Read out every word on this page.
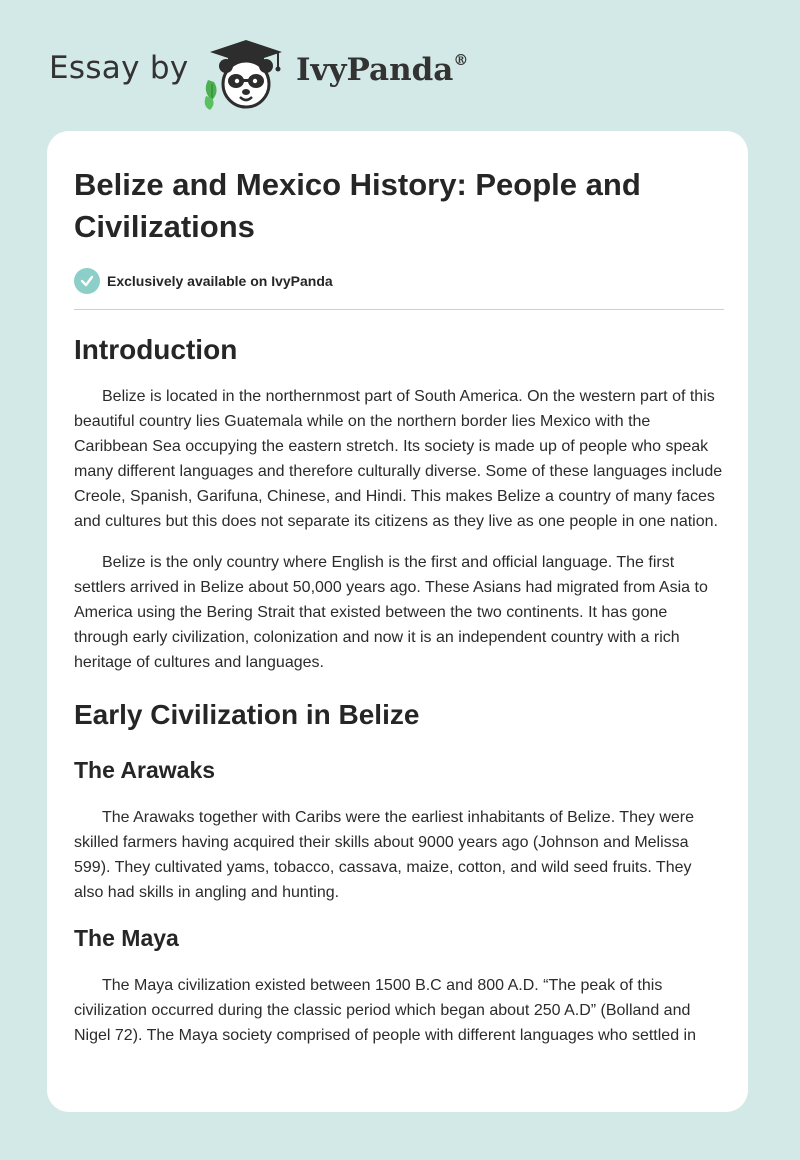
Essay by	IvyPanda®
Belize and Mexico History: People and Civilizations
Exclusively available on IvyPanda
Introduction

Belize is located in the northernmost part of South America. On the western part of this beautiful country lies Guatemala while on the northern border lies Mexico with the Caribbean Sea occupying the eastern stretch. Its society is made up of people who speak many different languages and therefore culturally diverse. Some of these languages include Creole, Spanish, Garifuna, Chinese, and Hindi. This makes Belize a country of many faces and cultures but this does not separate its citizens as they live as one people in one nation.

Belize is the only country where English is the first and official language. The first settlers arrived in Belize about 50,000 years ago. These Asians had migrated from Asia to America using the Bering Strait that existed between the two continents. It has gone through early civilization, colonization and now it is an independent country with a rich heritage of cultures and languages.

Early Civilization in Belize
The Arawaks

The Arawaks together with Caribs were the earliest inhabitants of Belize. They were skilled farmers having acquired their skills about 9000 years ago (Johnson and Melissa 599). They cultivated yams, tobacco, cassava, maize, cotton, and wild seed fruits. They also had skills in angling and hunting.

The Maya

The Maya civilization existed between 1500 B.C and 800 A.D. “The peak of this civilization occurred during the classic period which began about 250 A.D” (Bolland and Nigel 72). The Maya society comprised of people with different languages who settled in
